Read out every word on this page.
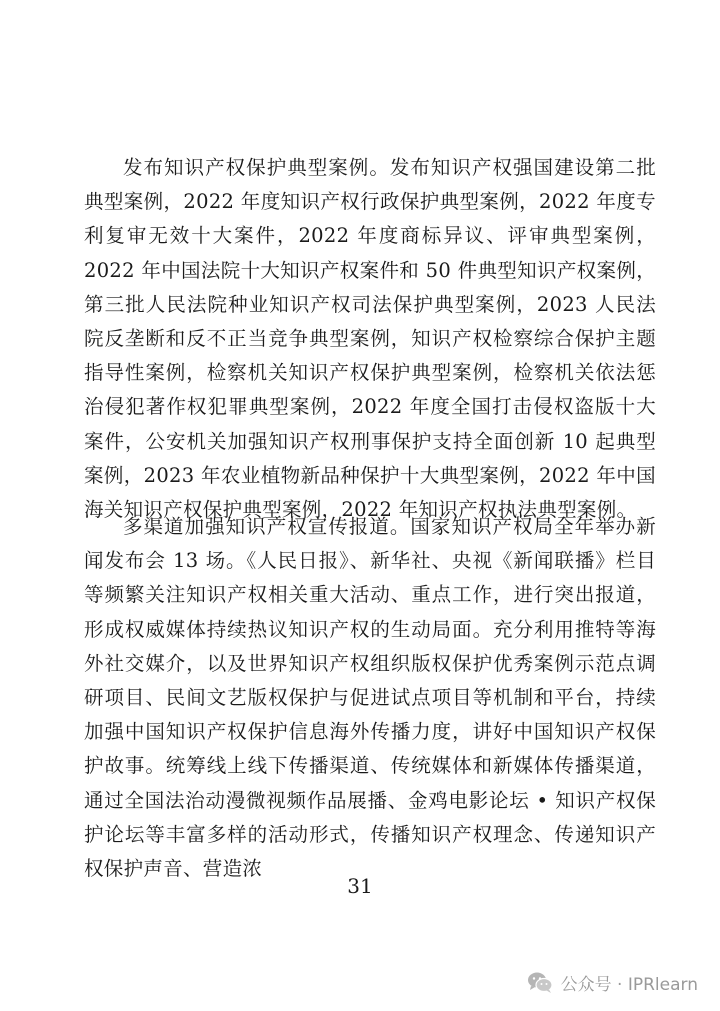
发布知识产权保护典型案例。发布知识产权强国建设第二批典型案例，2022 年度知识产权行政保护典型案例，2022 年度专利复审无效十大案件，2022 年度商标异议、评审典型案例，2022 年中国法院十大知识产权案件和 50 件典型知识产权案例，第三批人民法院种业知识产权司法保护典型案例，2023 人民法院反垄断和反不正当竞争典型案例，知识产权检察综合保护主题指导性案例，检察机关知识产权保护典型案例，检察机关依法惩治侵犯著作权犯罪典型案例，2022 年度全国打击侵权盗版十大案件，公安机关加强知识产权刑事保护支持全面创新 10 起典型案例，2023 年农业植物新品种保护十大典型案例，2022 年中国海关知识产权保护典型案例，2022 年知识产权执法典型案例。

多渠道加强知识产权宣传报道。国家知识产权局全年举办新闻发布会 13 场。《人民日报》、新华社、央视《新闻联播》栏目等频繁关注知识产权相关重大活动、重点工作，进行突出报道，形成权威媒体持续热议知识产权的生动局面。充分利用推特等海外社交媒介，以及世界知识产权组织版权保护优秀案例示范点调研项目、民间文艺版权保护与促进试点项目等机制和平台，持续加强中国知识产权保护信息海外传播力度，讲好中国知识产权保护故事。统筹线上线下传播渠道、传统媒体和新媒体传播渠道，通过全国法治动漫微视频作品展播、金鸡电影论坛 • 知识产权保护论坛等丰富多样的活动形式，传播知识产权理念、传递知识产权保护声音、营造浓

31
公众号 · IPRlearn
